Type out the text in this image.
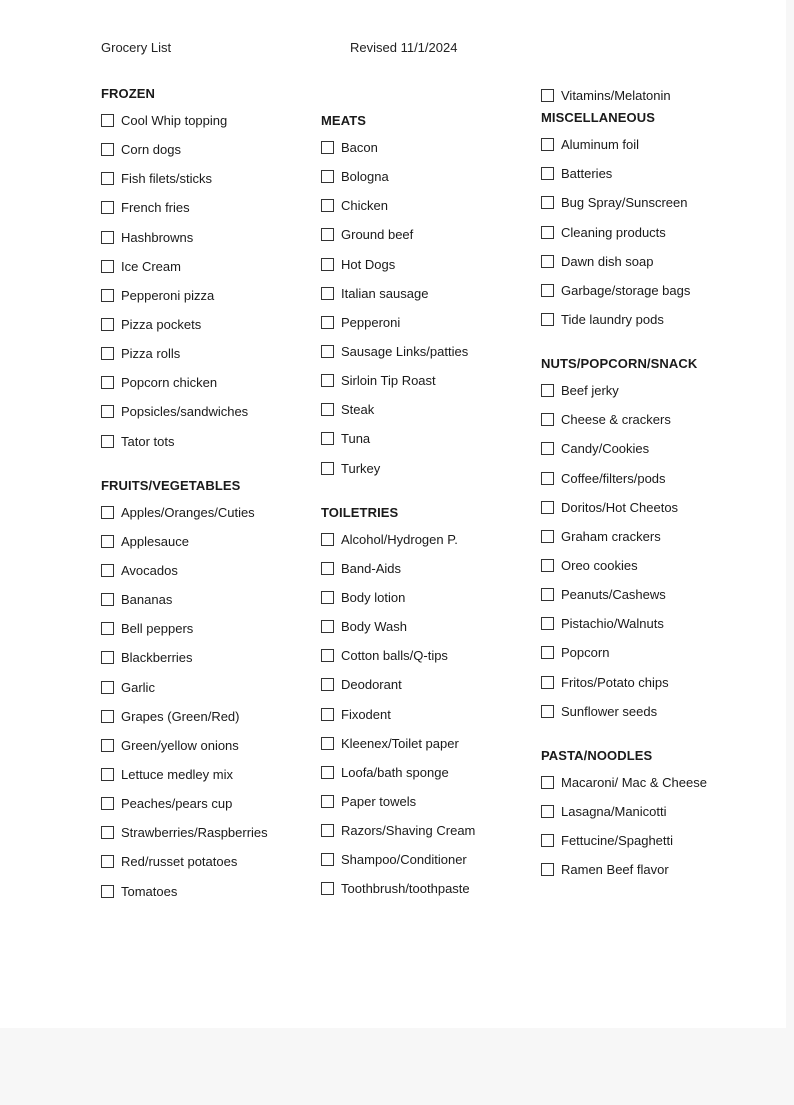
Grocery List	Revised 11/1/2024
FROZEN
Cool Whip topping
Corn dogs
Fish filets/sticks
French fries
Hashbrowns
Ice Cream
Pepperoni pizza
Pizza pockets
Pizza rolls
Popcorn chicken
Popsicles/sandwiches
Tator tots
FRUITS/VEGETABLES
Apples/Oranges/Cuties
Applesauce
Avocados
Bananas
Bell peppers
Blackberries
Garlic
Grapes (Green/Red)
Green/yellow onions
Lettuce medley mix
Peaches/pears cup
Strawberries/Raspberries
Red/russet potatoes
Tomatoes
MEATS
Bacon
Bologna
Chicken
Ground beef
Hot Dogs
Italian sausage
Pepperoni
Sausage Links/patties
Sirloin Tip Roast
Steak
Tuna
Turkey
TOILETRIES
Alcohol/Hydrogen P.
Band-Aids
Body lotion
Body Wash
Cotton balls/Q-tips
Deodorant
Fixodent
Kleenex/Toilet paper
Loofa/bath sponge
Paper towels
Razors/Shaving Cream
Shampoo/Conditioner
Toothbrush/toothpaste
Vitamins/Melatonin
MISCELLANEOUS
Aluminum foil
Batteries
Bug Spray/Sunscreen
Cleaning products
Dawn dish soap
Garbage/storage bags
Tide laundry pods
NUTS/POPCORN/SNACK
Beef jerky
Cheese & crackers
Candy/Cookies
Coffee/filters/pods
Doritos/Hot Cheetos
Graham crackers
Oreo cookies
Peanuts/Cashews
Pistachio/Walnuts
Popcorn
Fritos/Potato chips
Sunflower seeds
PASTA/NOODLES
Macaroni/ Mac & Cheese
Lasagna/Manicotti
Fettucine/Spaghetti
Ramen Beef flavor
